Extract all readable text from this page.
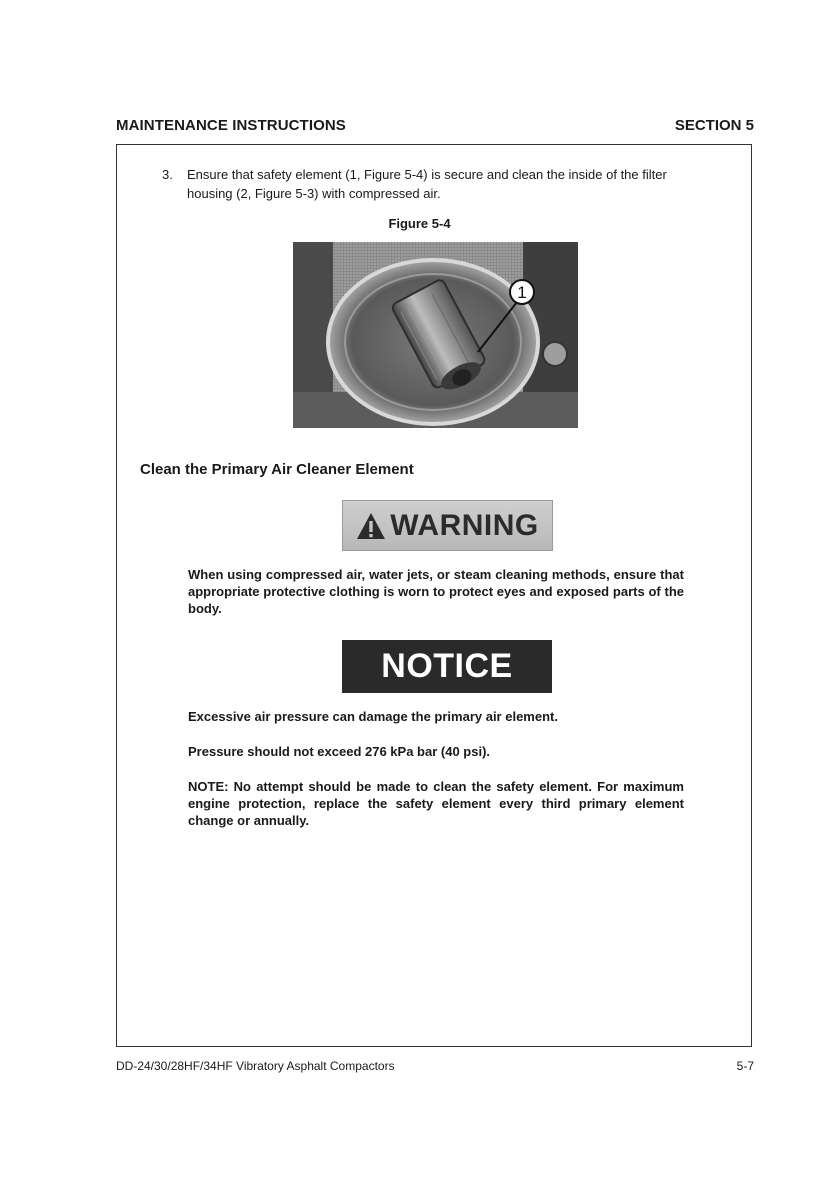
MAINTENANCE INSTRUCTIONS	SECTION 5
3. Ensure that safety element (1, Figure 5-4) is secure and clean the inside of the filter housing (2, Figure 5-3) with compressed air.
Figure 5-4
1
Clean the Primary Air Cleaner Element
WARNING
When using compressed air, water jets, or steam cleaning methods, ensure that appropriate protective clothing is worn to protect eyes and exposed parts of the body.
NOTICE
Excessive air pressure can damage the primary air element.
Pressure should not exceed 276 kPa bar (40 psi).
NOTE: No attempt should be made to clean the safety element. For maximum engine protection, replace the safety element every third primary element change or annually.
DD-24/30/28HF/34HF Vibratory Asphalt Compactors	5-7
